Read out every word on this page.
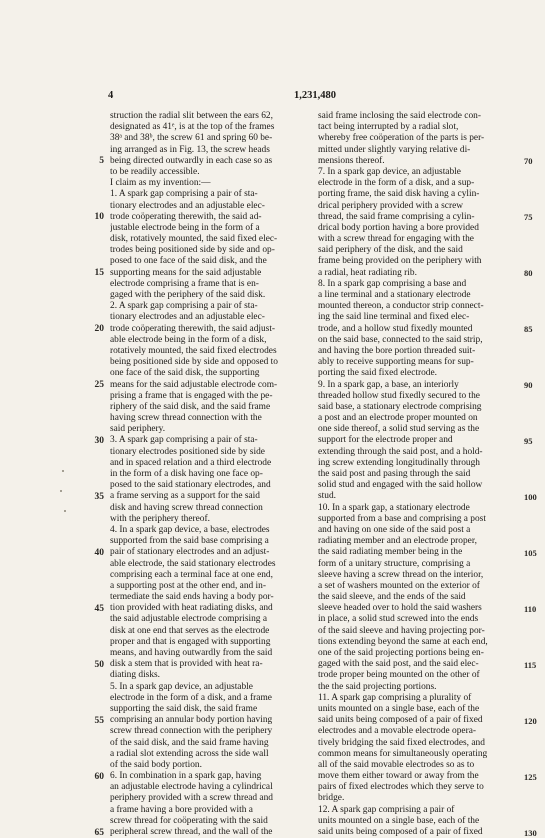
4	1,231,480
struction the radial slit between the ears 62,
designated as 41ᵉ, is at the top of the frames
38ᵃ and 38ᵇ, the screw 61 and spring 60 be-
ing arranged as in Fig. 13, the screw heads
being directed outwardly in each case so as
to be readily accessible.
I claim as my invention:—
1. A spark gap comprising a pair of sta-
tionary electrodes and an adjustable elec-
trode coöperating therewith, the said ad-
justable electrode being in the form of a
disk, rotatively mounted, the said fixed elec-
trodes being positioned side by side and op-
posed to one face of the said disk, and the
supporting means for the said adjustable
electrode comprising a frame that is en-
gaged with the periphery of the said disk.
2. A spark gap comprising a pair of sta-
tionary electrodes and an adjustable elec-
trode coöperating therewith, the said adjust-
able electrode being in the form of a disk,
rotatively mounted, the said fixed electrodes
being positioned side by side and opposed to
one face of the said disk, the supporting
means for the said adjustable electrode com-
prising a frame that is engaged with the pe-
riphery of the said disk, and the said frame
having screw thread connection with the
said periphery.
3. A spark gap comprising a pair of sta-
tionary electrodes positioned side by side
and in spaced relation and a third electrode
in the form of a disk having one face op-
posed to the said stationary electrodes, and
a frame serving as a support for the said
disk and having screw thread connection
with the periphery thereof.
4. In a spark gap device, a base, electrodes
supported from the said base comprising a
pair of stationary electrodes and an adjust-
able electrode, the said stationary electrodes
comprising each a terminal face at one end,
a supporting post at the other end, and in-
termediate the said ends having a body por-
tion provided with heat radiating disks, and
the said adjustable electrode comprising a
disk at one end that serves as the electrode
proper and that is engaged with supporting
means, and having outwardly from the said
disk a stem that is provided with heat ra-
diating disks.
5. In a spark gap device, an adjustable
electrode in the form of a disk, and a frame
supporting the said disk, the said frame
comprising an annular body portion having
screw thread connection with the periphery
of the said disk, and the said frame having
a radial slot extending across the side wall
of the said body portion.
6. In combination in a spark gap, having
an adjustable electrode having a cylindrical
periphery provided with a screw thread and
a frame having a bore provided with a
screw thread for coöperating with the said
peripheral screw thread, and the wall of the
said frame inclosing the said electrode con-
tact being interrupted by a radial slot,
whereby free coöperation of the parts is per-
mitted under slightly varying relative di-
mensions thereof.
7. In a spark gap device, an adjustable
electrode in the form of a disk, and a sup-
porting frame, the said disk having a cylin-
drical periphery provided with a screw
thread, the said frame comprising a cylin-
drical body portion having a bore provided
with a screw thread for engaging with the
said periphery of the disk, and the said
frame being provided on the periphery with
a radial, heat radiating rib.
8. In a spark gap comprising a base and
a line terminal and a stationary electrode
mounted thereon, a conductor strip connect-
ing the said line terminal and fixed elec-
trode, and a hollow stud fixedly mounted
on the said base, connected to the said strip,
and having the bore portion threaded suit-
ably to receive supporting means for sup-
porting the said fixed electrode.
9. In a spark gap, a base, an interiorly
threaded hollow stud fixedly secured to the
said base, a stationary electrode comprising
a post and an electrode proper mounted on
one side thereof, a solid stud serving as the
support for the electrode proper and
extending through the said post, and a hold-
ing screw extending longitudinally through
the said post and pasing through the said
solid stud and engaged with the said hollow
stud.
10. In a spark gap, a stationary electrode
supported from a base and comprising a post
and having on one side of the said post a
radiating member and an electrode proper,
the said radiating member being in the
form of a unitary structure, comprising a
sleeve having a screw thread on the interior,
a set of washers mounted on the exterior of
the said sleeve, and the ends of the said
sleeve headed over to hold the said washers
in place, a solid stud screwed into the ends
of the said sleeve and having projecting por-
tions extending beyond the same at each end,
one of the said projecting portions being en-
gaged with the said post, and the said elec-
trode proper being mounted on the other of
the the said projecting portions.
11. A spark gap comprising a plurality of
units mounted on a single base, each of the
said units being composed of a pair of fixed
electrodes and a movable electrode opera-
tively bridging the said fixed electrodes, and
common means for simultaneously operating
all of the said movable electrodes so as to
move them either toward or away from the
pairs of fixed electrodes which they serve to
bridge.
12. A spark gap comprising a pair of
units mounted on a single base, each of the
said units being composed of a pair of fixed
5
10
15
20
25
30
35
40
45
50
55
60
65
70
75
80
85
90
95
100
105
110
115
120
125
130
